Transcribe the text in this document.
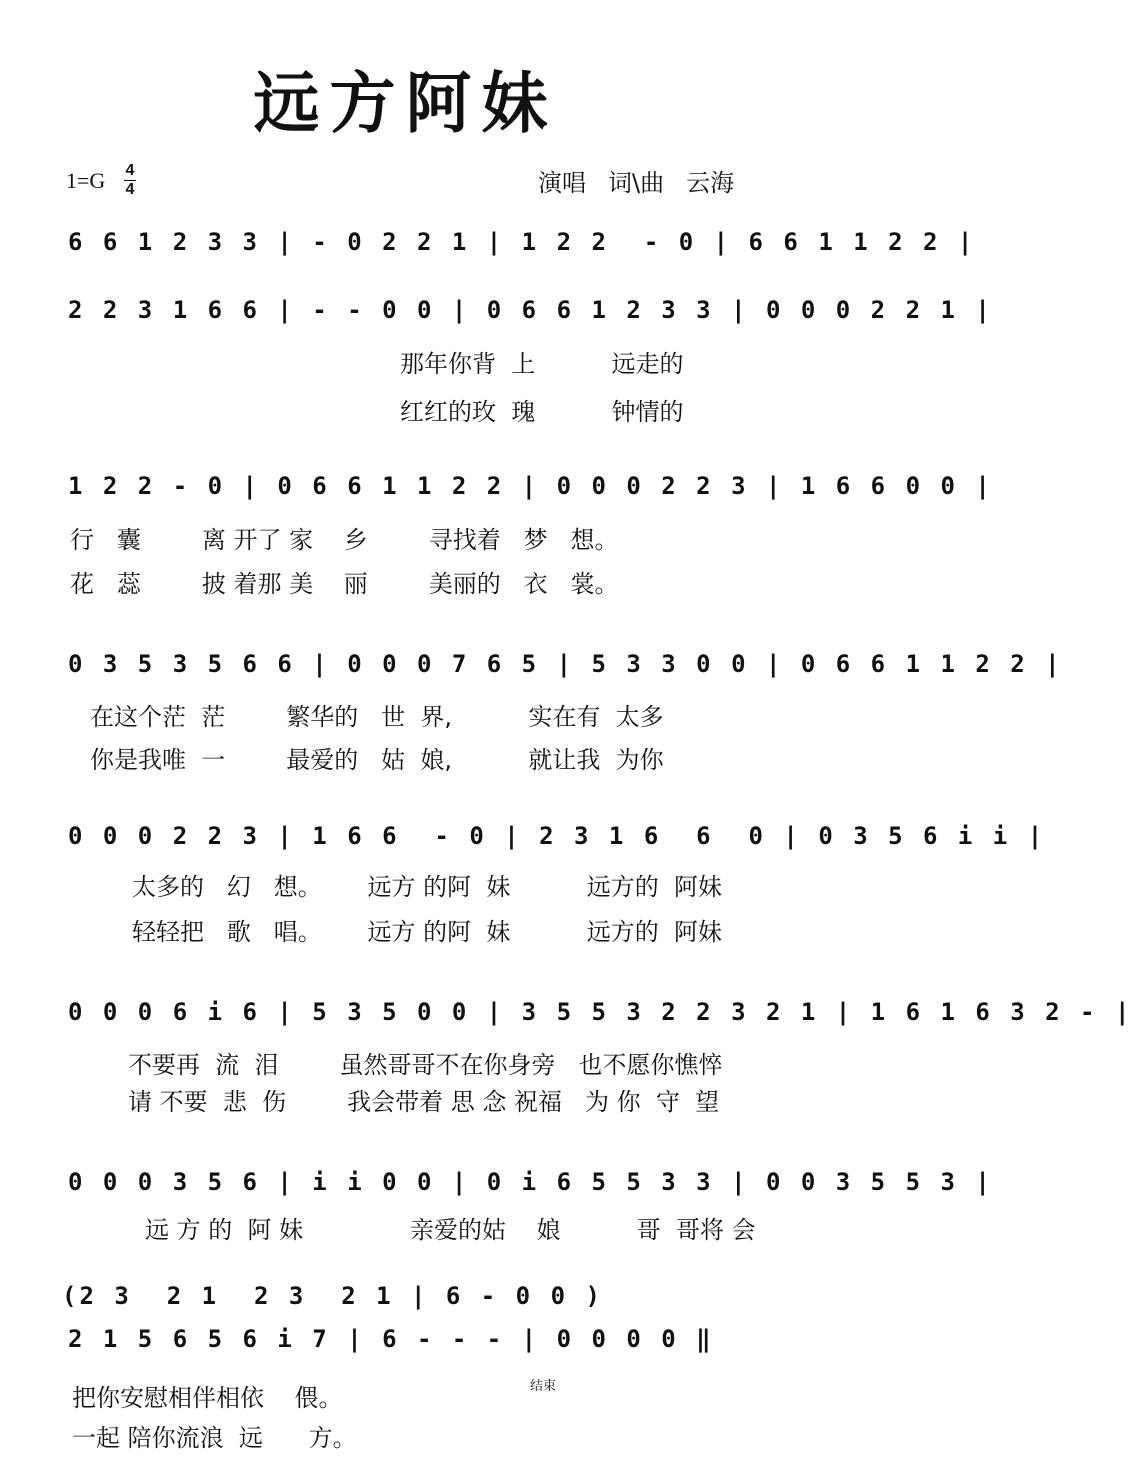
远方阿妹
1=G 4
4	演唱 词\曲 云海
6 6 1 2 3 3 | - 0 2 2 1 | 1 2 2  - 0 | 6 6 1 1 2 2 |
2 2 3 1 6 6 | - - 0 0 | 0 6 6 1 2 3 3 | 0 0 0 2 2 1 |
那年你背  上          远走的
红红的玫  瑰          钟情的
1 2 2 - 0 | 0 6 6 1 1 2 2 | 0 0 0 2 2 3 | 1 6 6 0 0 |
行   囊        离 开了 家    乡        寻找着   梦   想。
花   蕊        披 着那 美    丽        美丽的   衣   裳。
0 3 5 3 5 6 6 | 0 0 0 7 6 5 | 5 3 3 0 0 | 0 6 6 1 1 2 2 |
在这个茫  茫        繁华的   世  界,          实在有  太多
你是我唯  一        最爱的   姑  娘,          就让我  为你
0 0 0 2 2 3 | 1 6 6  - 0 | 2 3 1 6  6  0 | 0 3 5 6 i i |
太多的   幻   想。      远方 的阿  妹          远方的  阿妹
轻轻把   歌   唱。      远方 的阿  妹          远方的  阿妹
0 0 0 6 i 6 | 5 3 5 0 0 | 3 5 5 3 2 2 3 2 1 | 1 6 1 6 3 2 - |
不要再  流  泪        虽然哥哥不在你身旁   也不愿你憔悴
请 不要  悲  伤        我会带着 思 念 祝福   为 你  守  望
0 0 0 3 5 6 | i i 0 0 | 0 i 6 5 5 3 3 | 0 0 3 5 5 3 |
远 方 的  阿 妹              亲爱的姑    娘          哥  哥将 会
(2 3  2 1  2 3  2 1 | 6 - 0 0 )
2 1 5 6 5 6 i 7 | 6 - - - | 0 0 0 0 ‖
结束
把你安慰相伴相依    偎。
一起 陪你流浪  远      方。
